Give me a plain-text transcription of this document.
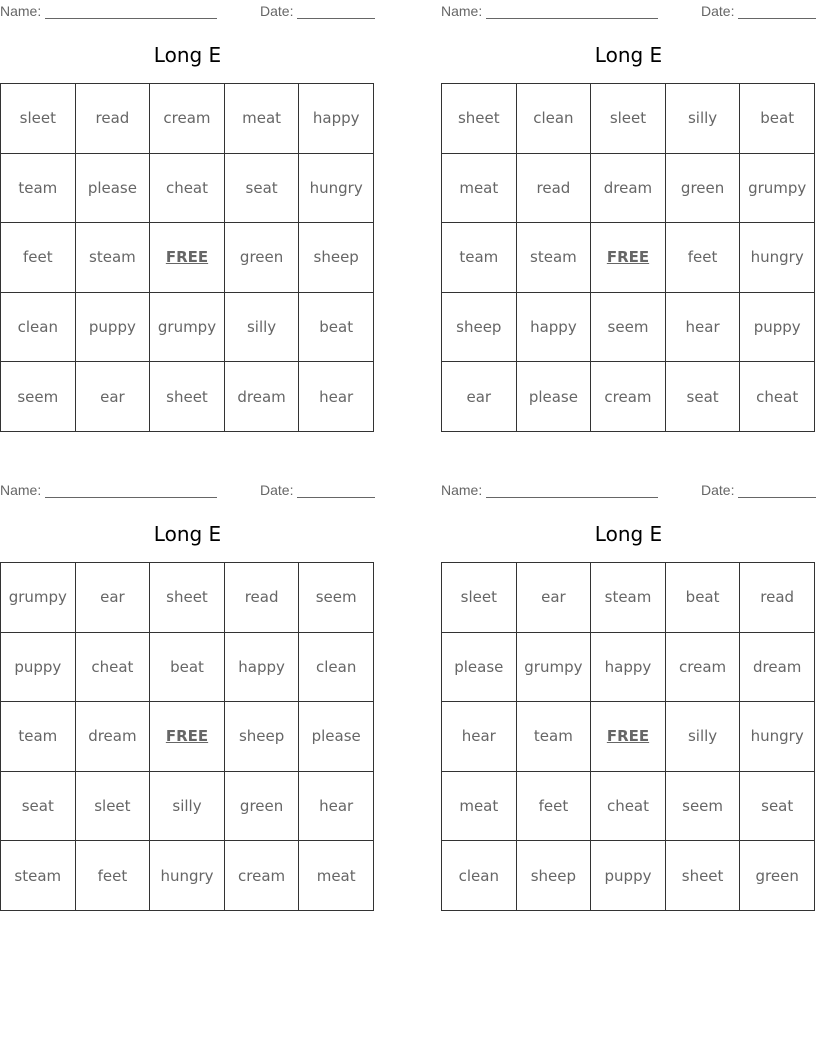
Name:	Date:
Long E
sleet	read	cream	meat	happy
team	please	cheat	seat	hungry
feet	steam	FREE	green	sheep
clean	puppy	grumpy	silly	beat
seem	ear	sheet	dream	hear
Name:	Date:
Long E
sheet	clean	sleet	silly	beat
meat	read	dream	green	grumpy
team	steam	FREE	feet	hungry
sheep	happy	seem	hear	puppy
ear	please	cream	seat	cheat
Name:	Date:
Long E
grumpy	ear	sheet	read	seem
puppy	cheat	beat	happy	clean
team	dream	FREE	sheep	please
seat	sleet	silly	green	hear
steam	feet	hungry	cream	meat
Name:	Date:
Long E
sleet	ear	steam	beat	read
please	grumpy	happy	cream	dream
hear	team	FREE	silly	hungry
meat	feet	cheat	seem	seat
clean	sheep	puppy	sheet	green
